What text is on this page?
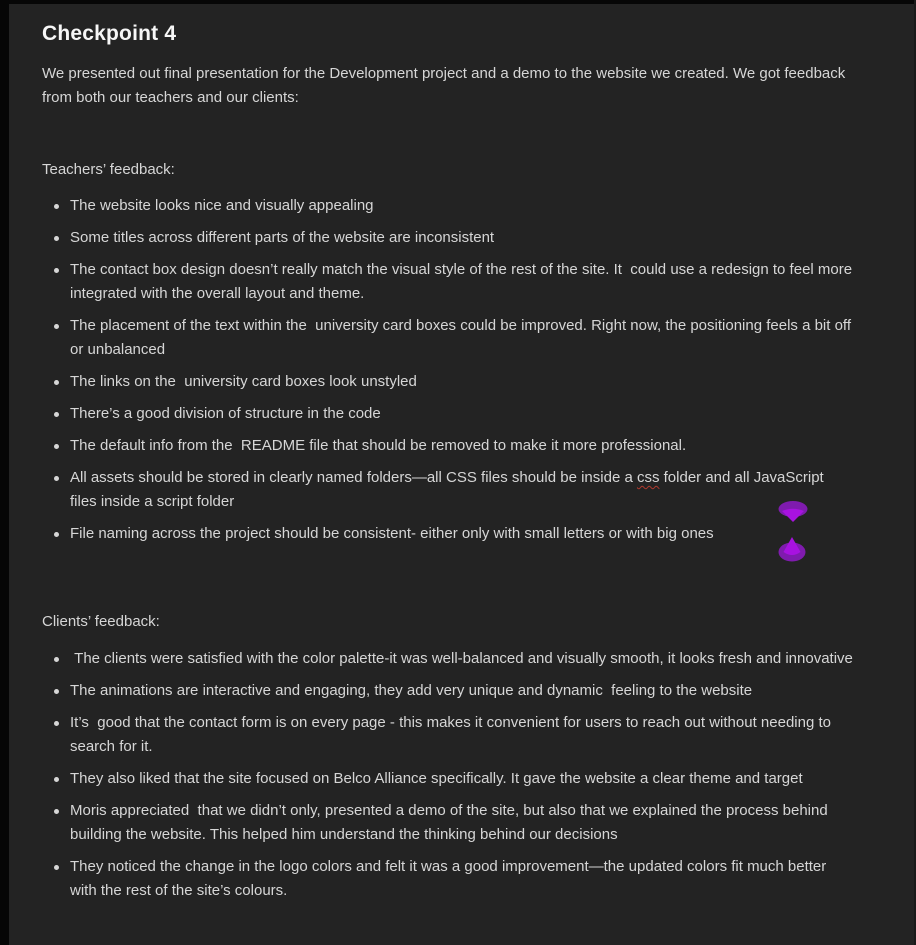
Checkpoint 4

We presented out final presentation for the Development project and a demo to the website we created. We got feedback from both our teachers and our clients:

Teachers’ feedback:

The website looks nice and visually appealing
Some titles across different parts of the website are inconsistent
The contact box design doesn’t really match the visual style of the rest of the site. It  could use a redesign to feel more integrated with the overall layout and theme.
The placement of the text within the  university card boxes could be improved. Right now, the positioning feels a bit off or unbalanced
The links on the  university card boxes look unstyled
There’s a good division of structure in the code
The default info from the  README file that should be removed to make it more professional.
All assets should be stored in clearly named folders—all CSS files should be inside a css folder and all JavaScript files inside a script folder
File naming across the project should be consistent- either only with small letters or with big ones

Clients’ feedback:

The clients were satisfied with the color palette-it was well-balanced and visually smooth, it looks fresh and innovative
The animations are interactive and engaging, they add very unique and dynamic  feeling to the website
It’s  good that the contact form is on every page - this makes it convenient for users to reach out without needing to search for it.
They also liked that the site focused on Belco Alliance specifically. It gave the website a clear theme and target
Moris appreciated  that we didn’t only, presented a demo of the site, but also that we explained the process behind building the website. This helped him understand the thinking behind our decisions
They noticed the change in the logo colors and felt it was a good improvement—the updated colors fit much better with the rest of the site’s colours.
